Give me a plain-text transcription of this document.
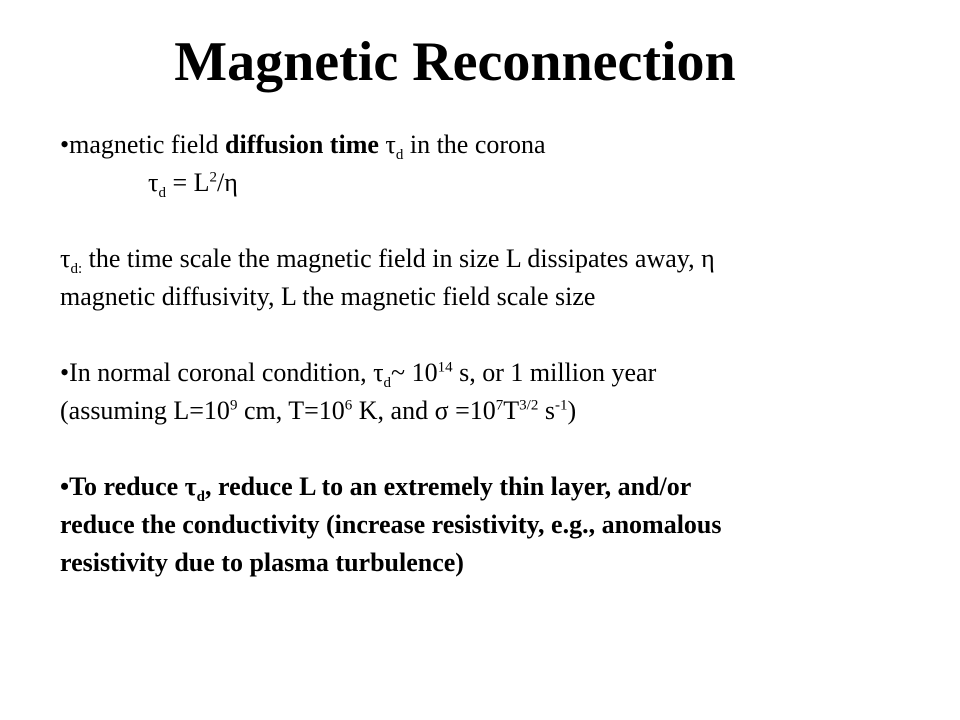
Magnetic Reconnection

•magnetic field diffusion time $\tau_d$ in the corona

$\tau_d = L^2/\eta$

$\tau_{d:}$ the time scale the magnetic field in size L dissipates away, η

magnetic diffusivity, L the magnetic field scale size

•In normal coronal condition, $\tau_d\sim$ $10^{14}$ s, or 1 million year

(assuming $L=10^9$ cm, $T=10^6$ K, and $\sigma =10^7T^{3/2}$ $s^{-1}$)

•To reduce $\tau_d$, reduce L to an extremely thin layer, and/or

reduce the conductivity (increase resistivity, e.g., anomalous

resistivity due to plasma turbulence)
